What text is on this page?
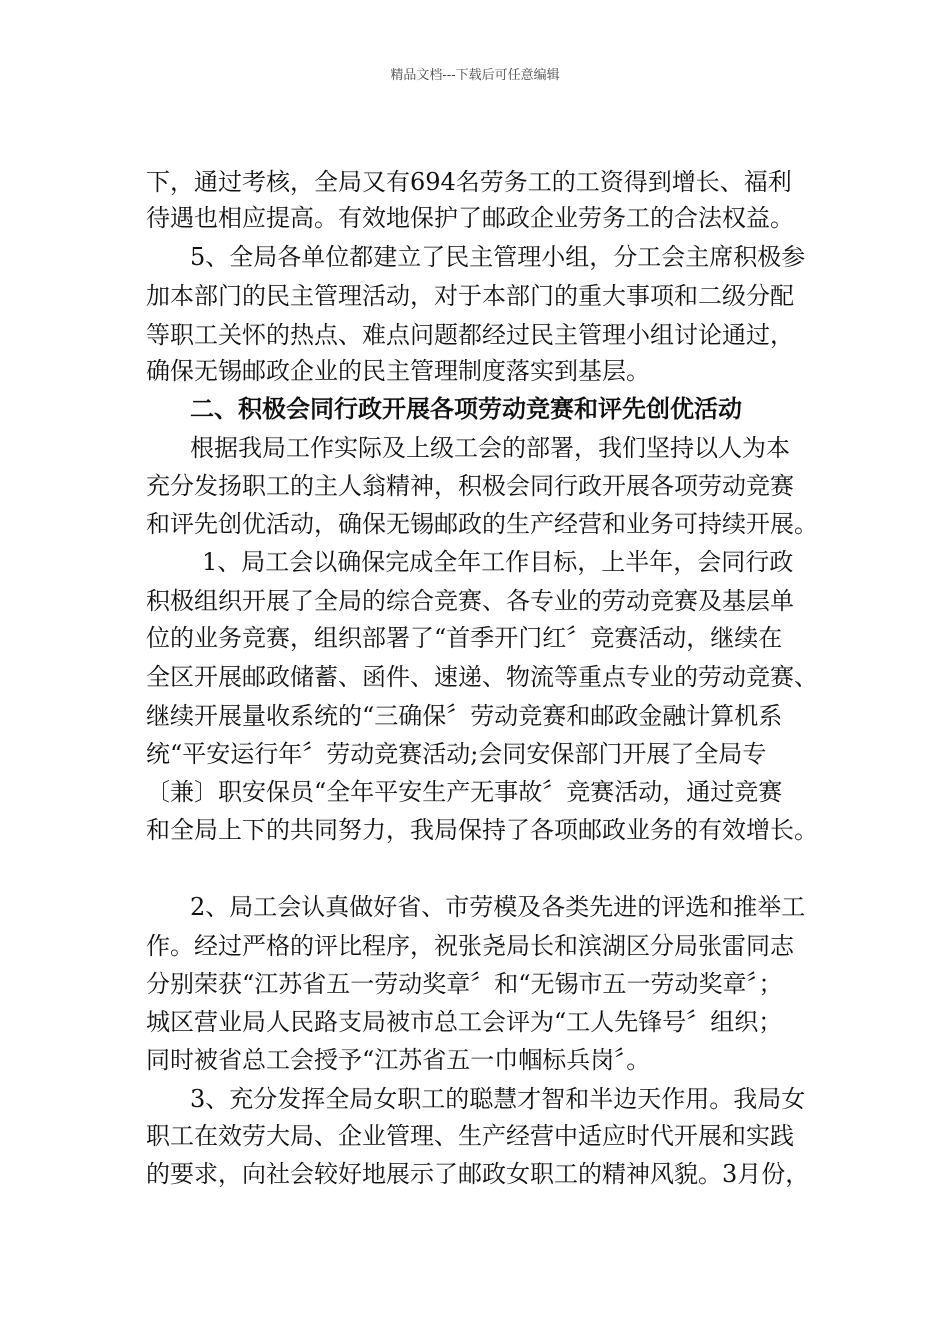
精品文档---下载后可任意编辑
下，通过考核，全局又有694名劳务工的工资得到增长、福利
待遇也相应提高。有效地保护了邮政企业劳务工的合法权益。
5、全局各单位都建立了民主管理小组，分工会主席积极参
加本部门的民主管理活动，对于本部门的重大事项和二级分配
等职工关怀的热点、难点问题都经过民主管理小组讨论通过，
确保无锡邮政企业的民主管理制度落实到基层。
二、积极会同行政开展各项劳动竞赛和评先创优活动
根据我局工作实际及上级工会的部署，我们坚持以人为本
充分发扬职工的主人翁精神，积极会同行政开展各项劳动竞赛
和评先创优活动，确保无锡邮政的生产经营和业务可持续开展。
1、局工会以确保完成全年工作目标，上半年，会同行政
积极组织开展了全局的综合竞赛、各专业的劳动竞赛及基层单
位的业务竞赛，组织部署了“首季开门红〞竞赛活动，继续在
全区开展邮政储蓄、函件、速递、物流等重点专业的劳动竞赛、
继续开展量收系统的“三确保〞劳动竞赛和邮政金融计算机系
统“平安运行年〞劳动竞赛活动;会同安保部门开展了全局专
〔兼〕职安保员“全年平安生产无事故〞竞赛活动，通过竞赛
和全局上下的共同努力，我局保持了各项邮政业务的有效增长。
2、局工会认真做好省、市劳模及各类先进的评选和推举工
作。经过严格的评比程序，祝张尧局长和滨湖区分局张雷同志
分别荣获“江苏省五一劳动奖章〞和“无锡市五一劳动奖章〞；
城区营业局人民路支局被市总工会评为“工人先锋号〞组织；
同时被省总工会授予“江苏省五一巾帼标兵岗〞。
3、充分发挥全局女职工的聪慧才智和半边天作用。我局女
职工在效劳大局、企业管理、生产经营中适应时代开展和实践
的要求，向社会较好地展示了邮政女职工的精神风貌。3月份，
